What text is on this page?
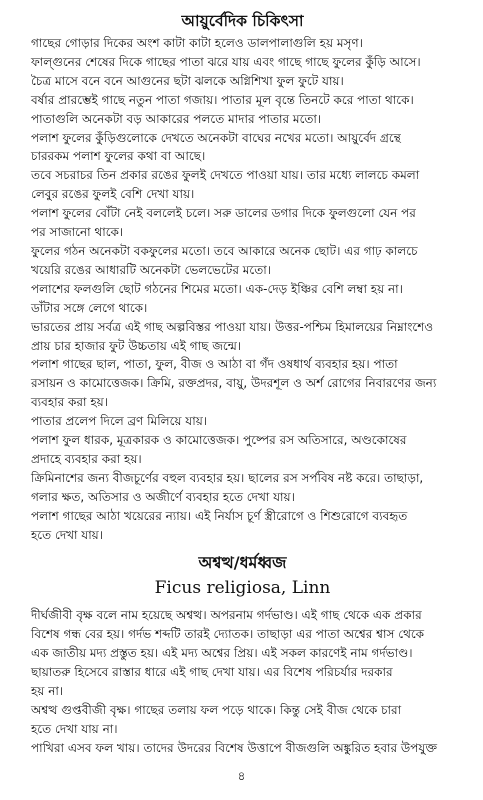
আয়ুর্বেদিক চিকিৎসা
গাছের গোড়ার দিকের অংশ কাটা কাটা হলেও ডালপালাগুলি হয় মসৃণ।
ফাল্গুনের শেষের দিকে গাছের পাতা ঝরে যায় এবং গাছে গাছে ফুলের কুঁড়ি আসে।
চৈত্র মাসে বনে বনে আগুনের ছটা ঝলকে অগ্নিশিখা ফুল ফুটে যায়।
বর্ষার প্রারম্ভেই গাছে নতুন পাতা গজায়। পাতার মূল বৃন্তে তিনটে করে পাতা থাকে।
পাতাগুলি অনেকটা বড় আকারের পলতে মাদার পাতার মতো।
পলাশ ফুলের কুঁড়িগুলোকে দেখতে অনেকটা বাঘের নখের মতো। আয়ুর্বেদ গ্রন্থে
চাররকম পলাশ ফুলের কথা বা আছে।
তবে সচরাচর তিন প্রকার রঙের ফুলই দেখতে পাওয়া যায়। তার মধ্যে লালচে কমলা
লেবুর রঙের ফুলই বেশি দেখা যায়।
পলাশ ফুলের বোঁটা নেই বললেই চলে। সরু ডালের ডগার দিকে ফুলগুলো যেন পর
পর সাজানো থাকে।
ফুলের গঠন অনেকটা বকফুলের মতো। তবে আকারে অনেক ছোট। এর গাঢ় কালচে
খয়েরি রঙের আধারটি অনেকটা ভেলভেটের মতো।
পলাশের ফলগুলি ছোট গঠনের শিমের মতো। এক-দেড় ইঞ্চির বেশি লম্বা হয় না।
ডাঁটার সঙ্গে লেগে থাকে।
ভারতের প্রায় সর্বত্র এই গাছ অল্পবিস্তর পাওয়া যায়। উত্তর-পশ্চিম হিমালয়ের নিম্নাংশেও
প্রায় চার হাজার ফুট উচ্চতায় এই গাছ জন্মে।
পলাশ গাছের ছাল, পাতা, ফুল, বীজ ও আঠা বা গঁদ ওষধার্থ ব্যবহার হয়। পাতা
রসায়ন ও কামোত্তেজক। ক্রিমি, রক্তপ্রদর, বায়ু, উদরশূল ও অর্শ রোগের নিবারণের জন্য
ব্যবহার করা হয়।
পাতার প্রলেপ দিলে ব্রণ মিলিয়ে যায়।
পলাশ ফুল ধারক, মূত্রকারক ও কামোত্তেজক। পুষ্পের রস অতিসারে, অণ্ডকোষের
প্রদাহে ব্যবহার করা হয়।
ক্রিমিনাশের জন্য বীজচূর্ণের বহুল ব্যবহার হয়। ছালের রস সর্পবিষ নষ্ট করে। তাছাড়া,
গলার ক্ষত, অতিসার ও অজীর্ণে ব্যবহার হতে দেখা যায়।
পলাশ গাছের আঠা খয়েরের ন্যায়। এই নির্যাস চূর্ণ স্ত্রীরোগে ও শিশুরোগে ব্যবহৃত
হতে দেখা যায়।
অশ্বত্থ/ধর্মধ্বজ
Ficus religiosa, Linn
দীর্ঘজীবী বৃক্ষ বলে নাম হয়েছে অশ্বত্থ। অপরনাম গর্দভাণ্ড। এই গাছ থেকে এক প্রকার
বিশেষ গন্ধ বের হয়। গর্দভ শব্দটি তারই দ্যোতক। তাছাড়া এর পাতা অশ্বের শ্বাস থেকে
এক জাতীয় মদ্য প্রস্তুত হয়। এই মদ্য অশ্বের প্রিয়। এই সকল কারণেই নাম গর্দভাণ্ড।
ছায়াতরু হিসেবে রাস্তার ধারে এই গাছ দেখা যায়। এর বিশেষ পরিচর্যার দরকার
হয় না।
অশ্বত্থ গুপ্তবীজী বৃক্ষ। গাছের তলায় ফল পড়ে থাকে। কিন্তু সেই বীজ থেকে চারা
হতে দেখা যায় না।
পাখিরা এসব ফল খায়। তাদের উদরের বিশেষ উত্তাপে বীজগুলি অঙ্কুরিত হবার উপযুক্ত
৪
